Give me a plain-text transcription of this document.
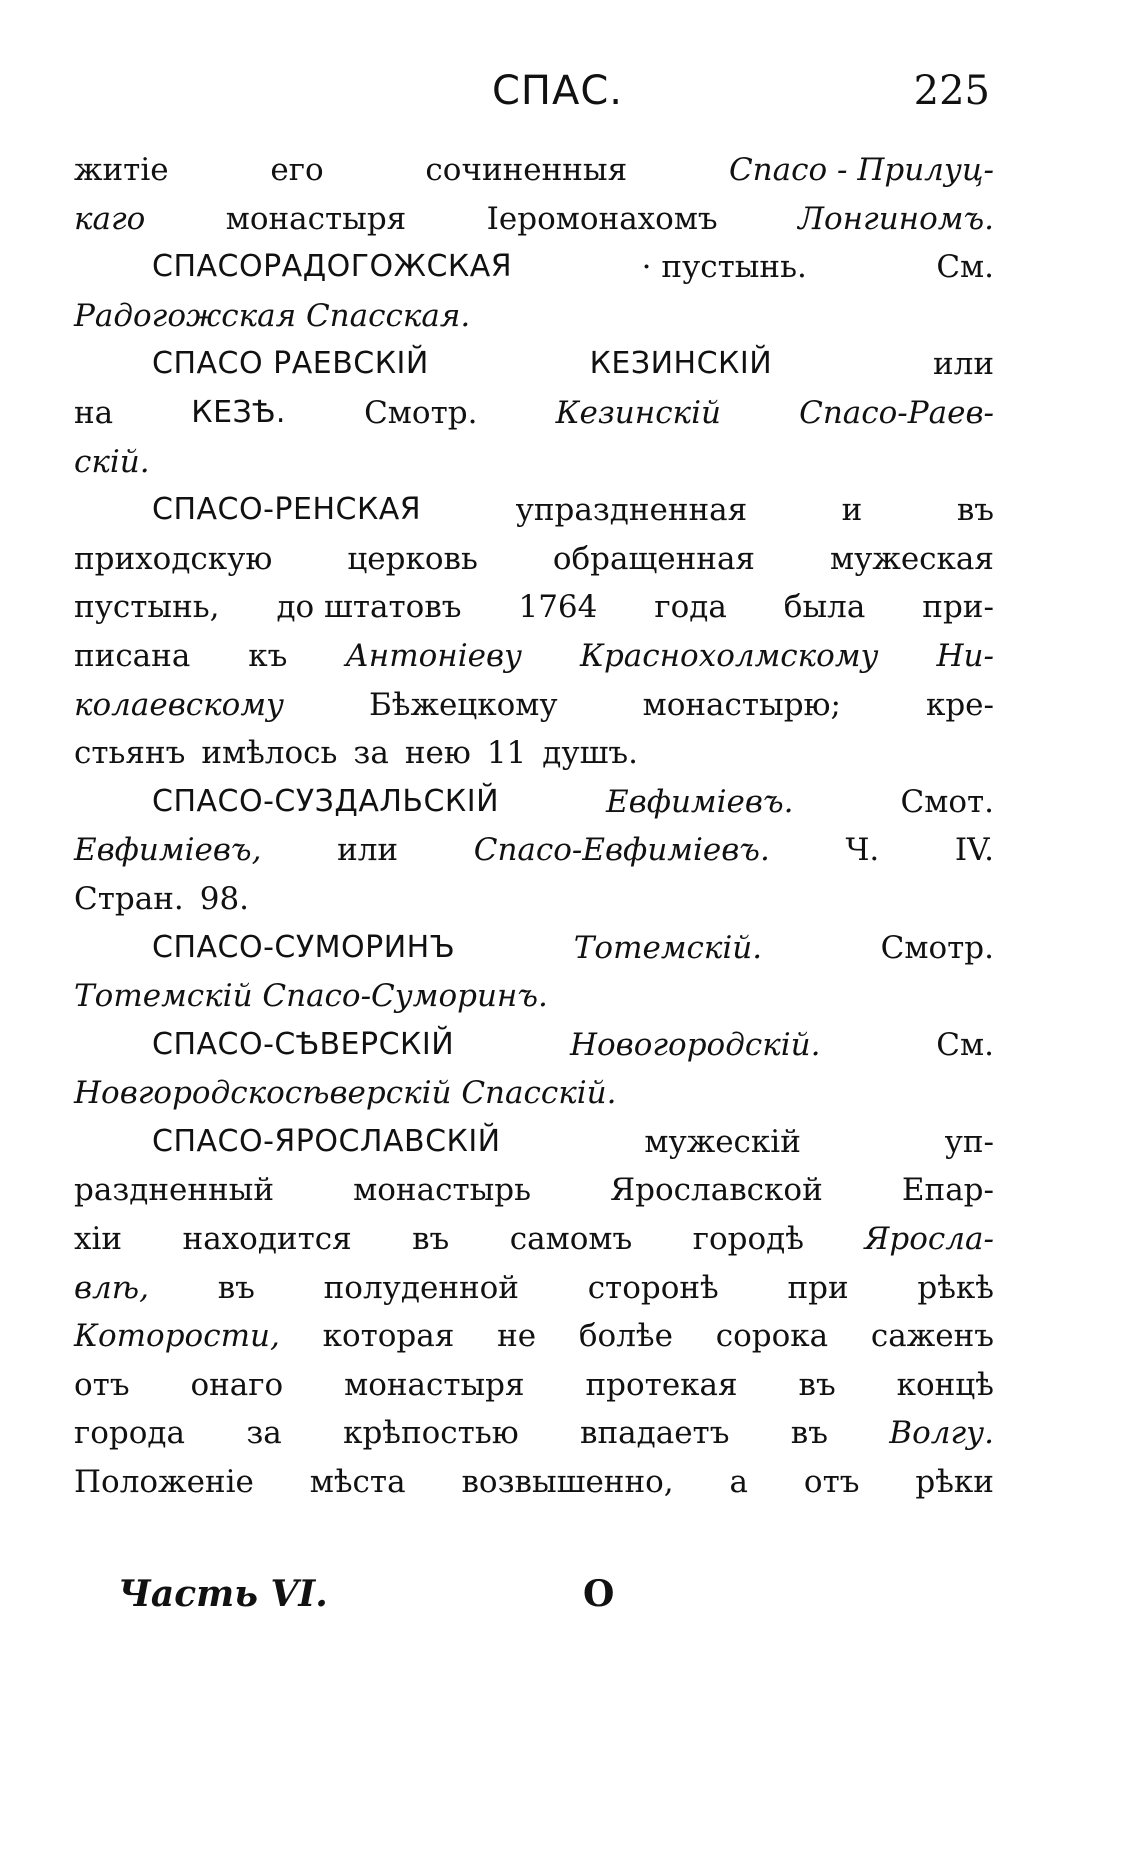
СПАС.	225
житіе	его	сочиненныя	Спасо - Прилуц-
каго	монастыря	Іеромонахомъ	Лонгиномъ.
СПАСОРАДОГОЖСКАЯ	· пустынь.	См.
Радогожская Спасская.
СПАСО РАЕВСКІЙ	КЕЗИНСКІЙ	или
на	КЕЗѢ.	Смотр.	Кезинскій	Спасо-Раев-
скій.
СПАСО-РЕНСКАЯ	упраздненная	и	въ
приходскую церковь обращенная мужеская
пустынь, дo штатовъ 1764 года была при-
писана къ Антоніеву Краснохолмскому Ни-
колаевскому	Бѣжецкому	монастырю;	кре-
стьянъ имѣлось за нею 11 душъ.
СПАСО-СУЗДАЛЬСКІЙ	Евфиміевъ.	Смот.
Евфиміевъ, или Спасо-Евфиміевъ. Ч. IV.
Стран. 98.
СПАСО-СУМОРИНЪ	Тотемскій.	Смотр.
Тотемскій Спасо-Суморинъ.
СПАСО-СѢВЕРСКІЙ	Новогородскій.	См.
Новгородскосѣверскій Спасскій.
СПАСО-ЯРОСЛАВСКІЙ	мужескій	уп-
раздненный	монастырь	Ярославской	Епар-
хіи находится въ самомъ городѣ Яросла-
влѣ, въ полуденной сторонѣ при рѣкѣ
Которости, которая не болѣе сорока саженъ
отъ онаго монастыря протекая въ концѣ
города за крѣпостью впадаетъ въ Волгу.
Положеніе мѣста возвышенно, а отъ рѣки
Часть VI.	O
